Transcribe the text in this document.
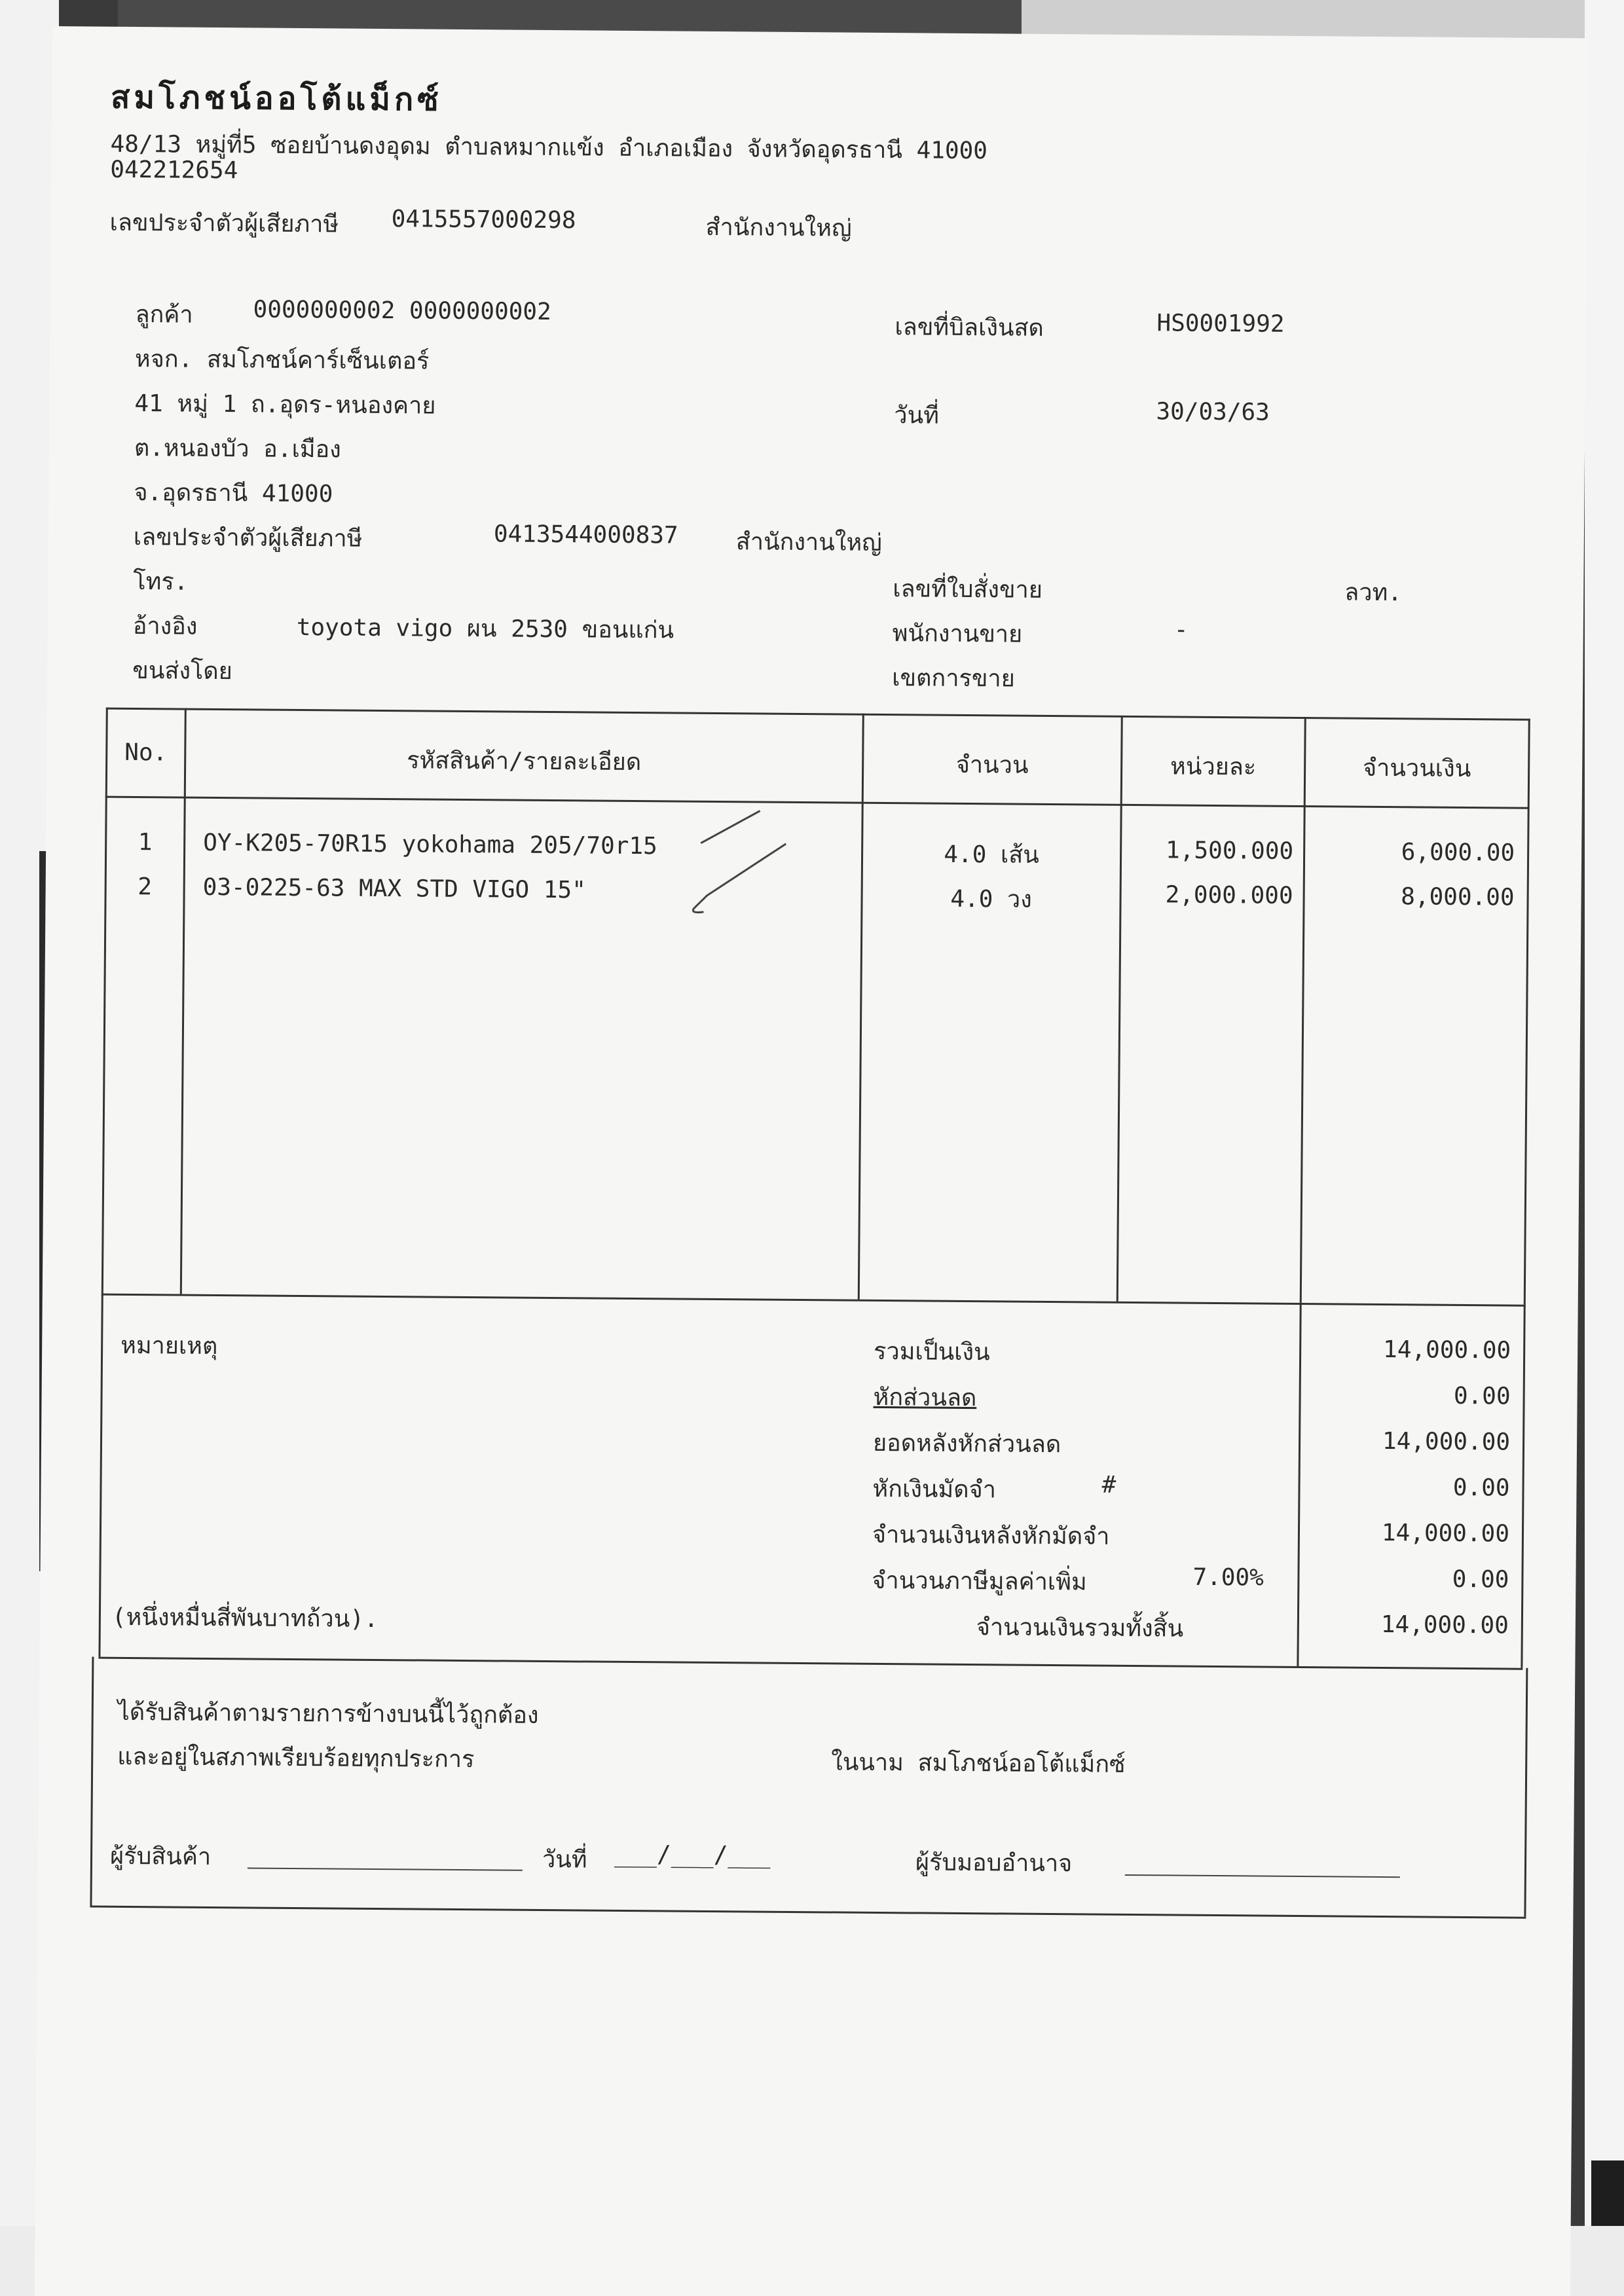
สมโภชน์ออโต้แม็กซ์
48/13 หมู่ที่5 ซอยบ้านดงอุดม ตำบลหมากแข้ง อำเภอเมือง จังหวัดอุดรธานี 41000
042212654
เลขประจำตัวผู้เสียภาษี 0415557000298	สำนักงานใหญ่
ลูกค้า	0000000002 0000000002
หจก. สมโภชน์คาร์เซ็นเตอร์
41 หมู่ 1 ถ.อุดร-หนองคาย
ต.หนองบัว อ.เมือง
จ.อุดรธานี 41000
เลขประจำตัวผู้เสียภาษี	0413544000837 สำนักงานใหญ่
โทร.
อ้างอิง	toyota vigo ผน 2530 ขอนแก่น
ขนส่งโดย
เลขที่บิลเงินสด	HS0001992
วันที่	30/03/63
เลขที่ใบสั่งขาย	ลวท.
พนักงานขาย	-
เขตการขาย
No.	รหัสสินค้า/รายละเอียด	จำนวน	หน่วยละ	จำนวนเงิน
1	OY-K205-70R15 yokohama 205/70r15	4.0 เส้น	1,500.000	6,000.00
2	03-0225-63 MAX STD VIGO 15"	4.0 วง	2,000.000	8,000.00
หมายเหตุ
(หนึ่งหมื่นสี่พันบาทถ้วน).
รวมเป็นเงิน	14,000.00
หักส่วนลด	0.00
ยอดหลังหักส่วนลด	14,000.00
หักเงินมัดจำ	#	0.00
จำนวนเงินหลังหักมัดจำ	14,000.00
จำนวนภาษีมูลค่าเพิ่ม	7.00%	0.00
จำนวนเงินรวมทั้งสิ้น	14,000.00
ได้รับสินค้าตามรายการข้างบนนี้ไว้ถูกต้อง
และอยู่ในสภาพเรียบร้อยทุกประการ	ในนาม สมโภชน์ออโต้แม็กซ์
ผู้รับสินค้า	วันที่ ___/___/___	ผู้รับมอบอำนาจ
